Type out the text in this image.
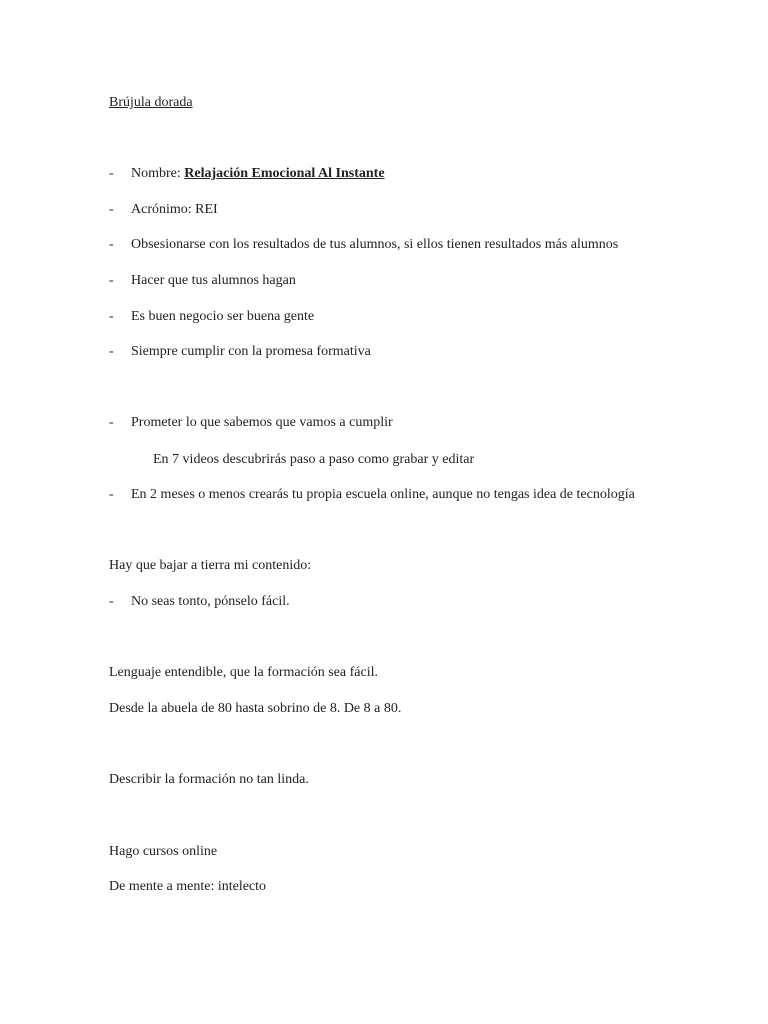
Brújula dorada
- Nombre: Relajación Emocional Al Instante
- Acrónimo: REI
- Obsesionarse con los resultados de tus alumnos, si ellos tienen resultados más alumnos
- Hacer que tus alumnos hagan
- Es buen negocio ser buena gente
- Siempre cumplir con la promesa formativa
- Prometer lo que sabemos que vamos a cumplir
En 7 videos descubrirás paso a paso como grabar y editar
- En 2 meses o menos crearás tu propia escuela online, aunque no tengas idea de tecnología
Hay que bajar a tierra mi contenido:
- No seas tonto, pónselo fácil.
Lenguaje entendible, que la formación sea fácil.
Desde la abuela de 80 hasta sobrino de 8. De 8 a 80.
Describir la formación no tan linda.
Hago cursos online
De mente a mente: intelecto
